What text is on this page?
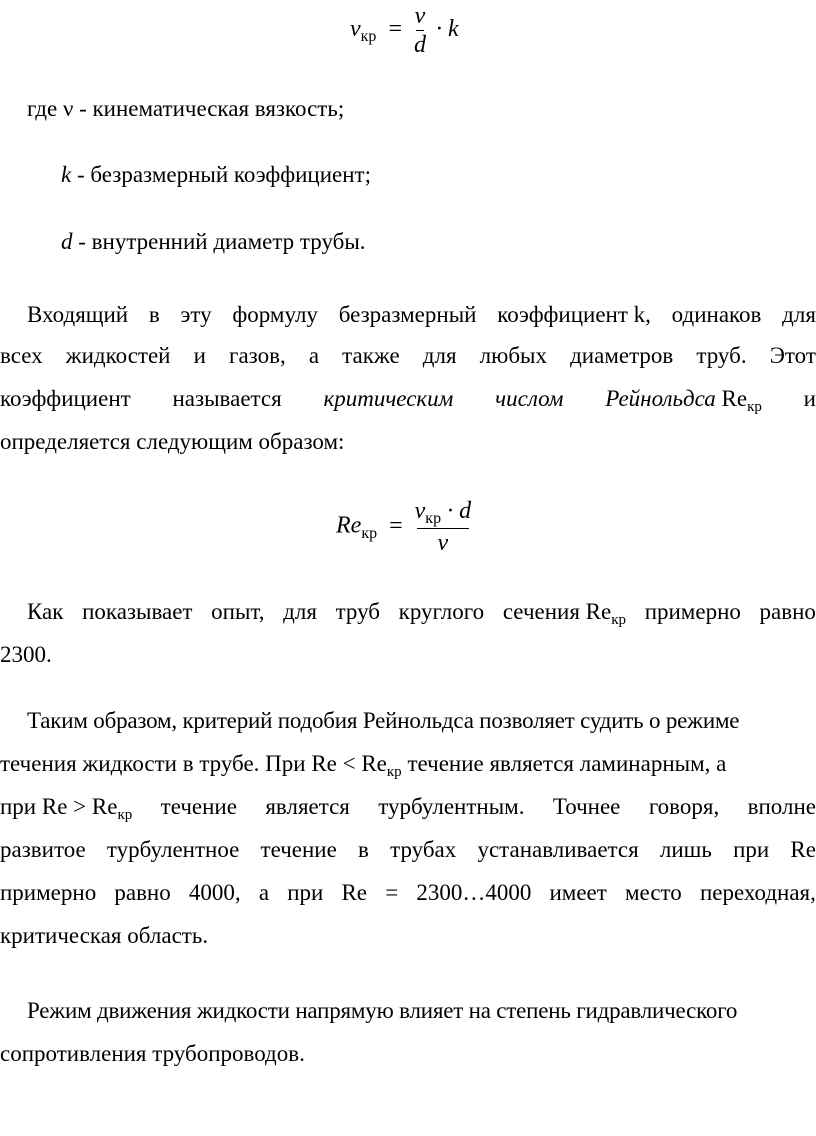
$\nu_{кр} = \frac{\nu}{d} \cdot k$
где ν - кинематическая вязкость;
k - безразмерный коэффициент;
d - внутренний диаметр трубы.
Входящий в эту формулу безразмерный коэффициент k, одинаков для
всех жидкостей и газов, а также для любых диаметров труб. Этот
коэффициент называется критическим числом Рейнольдса Reкр и
определяется следующим образом:
$Re_{кр} = \frac{\nu_{кр} \cdot d}{\nu}$
Как показывает опыт, для труб круглого сечения Reкр примерно равно
2300.
Таким образом, критерий подобия Рейнольдса позволяет судить о режиме
течения жидкости в трубе. При $Re < Re_{кр}$ течение является ламинарным, а
при Re > Reкр течение является турбулентным. Точнее говоря, вполне
развитое турбулентное течение в трубах устанавливается лишь при Re
примерно равно 4000, а при Re = 2300…4000 имеет место переходная,
критическая область.
Режим движения жидкости напрямую влияет на степень гидравлического
сопротивления трубопроводов.
